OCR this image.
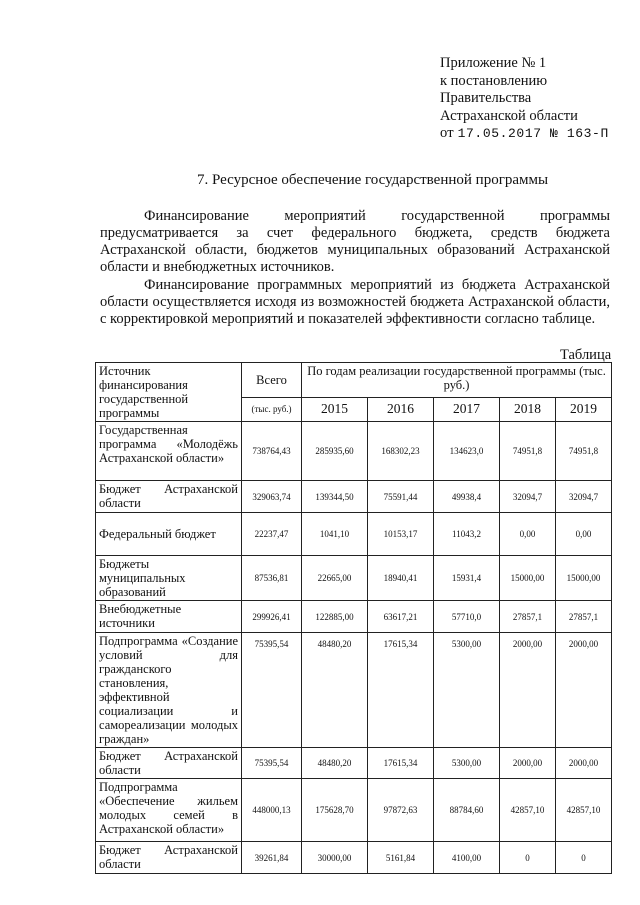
Приложение № 1
к постановлению
Правительства
Астраханской области
от 17.05.2017 № 163-П
7. Ресурсное обеспечение государственной программы

Финансирование мероприятий государственной программы предусматривается за счет федерального бюджета, средств бюджета Астраханской области, бюджетов муниципальных образований Астраханской области и внебюджетных источников.

Финансирование программных мероприятий из бюджета Астраханской области осуществляется исходя из возможностей бюджета Астраханской области, с корректировкой мероприятий и показателей эффективности согласно таблице.

Таблица
Источник финансирования государственной программы	Всего	По годам реализации государственной программы (тыс. руб.)				
	(тыс. руб.)	2015	2016	2017	2018	2019
Государственная программа «Молодёжь Астраханской области»	738764,43	285935,60	168302,23	134623,0	74951,8	74951,8
Бюджет Астраханской области	329063,74	139344,50	75591,44	49938,4	32094,7	32094,7
Федеральный бюджет	22237,47	1041,10	10153,17	11043,2	0,00	0,00
Бюджеты муниципальных образований	87536,81	22665,00	18940,41	15931,4	15000,00	15000,00
Внебюджетные источники	299926,41	122885,00	63617,21	57710,0	27857,1	27857,1
Подпрограмма «Создание условий для гражданского становления, эффективной социализации и самореализации молодых граждан»	75395,54	48480,20	17615,34	5300,00	2000,00	2000,00
Бюджет Астраханской области	75395,54	48480,20	17615,34	5300,00	2000,00	2000,00
Подпрограмма «Обеспечение жильем молодых семей в Астраханской области»	448000,13	175628,70	97872,63	88784,60	42857,10	42857,10
Бюджет Астраханской области	39261,84	30000,00	5161,84	4100,00	0	0
